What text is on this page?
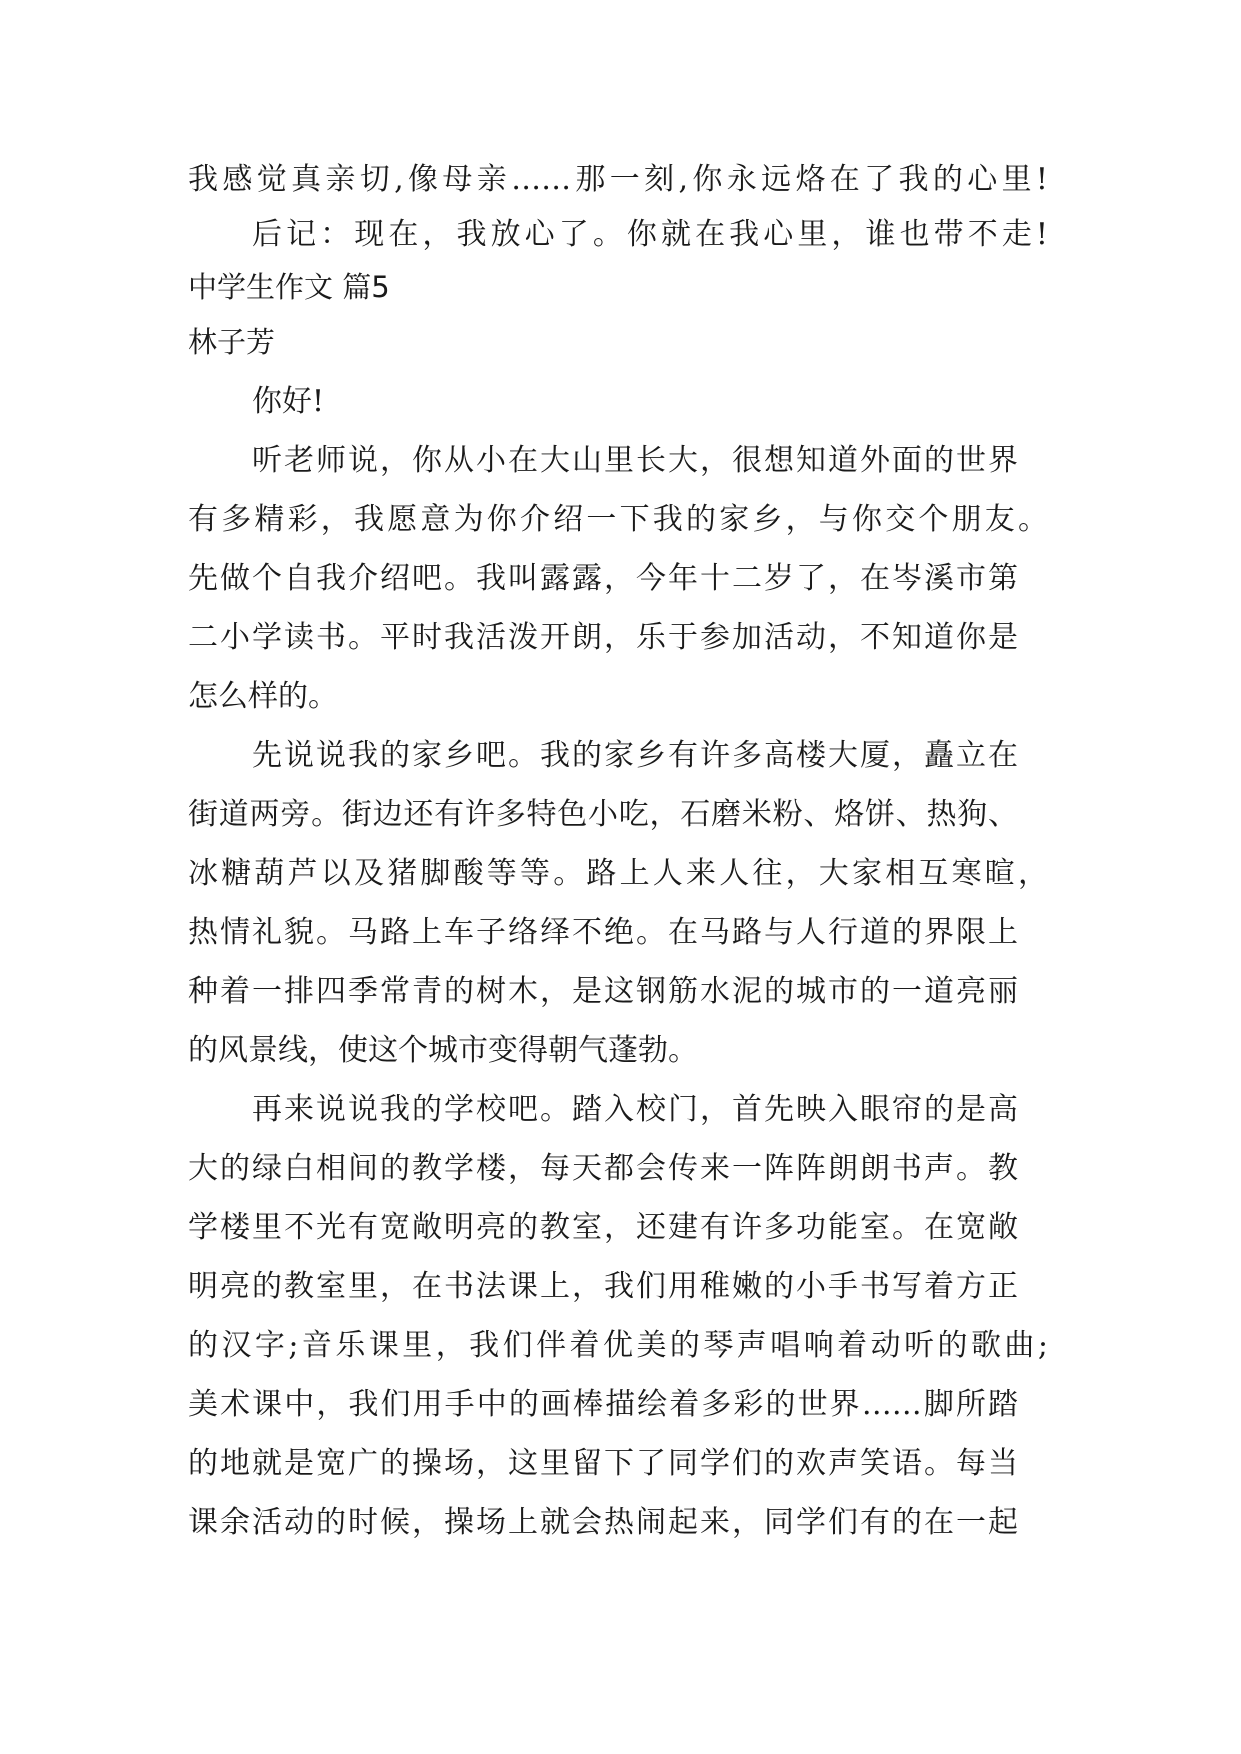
我感觉真亲切,像母亲……那一刻,你永远烙在了我的心里!

后记：现在，我放心了。你就在我心里，谁也带不走!

中学生作文 篇5

林子芳

你好!

听老师说，你从小在大山里长大，很想知道外面的世界

有多精彩，我愿意为你介绍一下我的家乡，与你交个朋友。

先做个自我介绍吧。我叫露露，今年十二岁了，在岑溪市第

二小学读书。平时我活泼开朗，乐于参加活动，不知道你是

怎么样的。

先说说我的家乡吧。我的家乡有许多高楼大厦，矗立在

街道两旁。街边还有许多特色小吃，石磨米粉、烙饼、热狗、

冰糖葫芦以及猪脚酸等等。路上人来人往，大家相互寒暄，

热情礼貌。马路上车子络绎不绝。在马路与人行道的界限上

种着一排四季常青的树木，是这钢筋水泥的城市的一道亮丽

的风景线，使这个城市变得朝气蓬勃。

再来说说我的学校吧。踏入校门，首先映入眼帘的是高

大的绿白相间的教学楼，每天都会传来一阵阵朗朗书声。教

学楼里不光有宽敞明亮的教室，还建有许多功能室。在宽敞

明亮的教室里，在书法课上，我们用稚嫩的小手书写着方正

的汉字;音乐课里，我们伴着优美的琴声唱响着动听的歌曲;

美术课中，我们用手中的画棒描绘着多彩的世界……脚所踏

的地就是宽广的操场，这里留下了同学们的欢声笑语。每当

课余活动的时候，操场上就会热闹起来，同学们有的在一起
